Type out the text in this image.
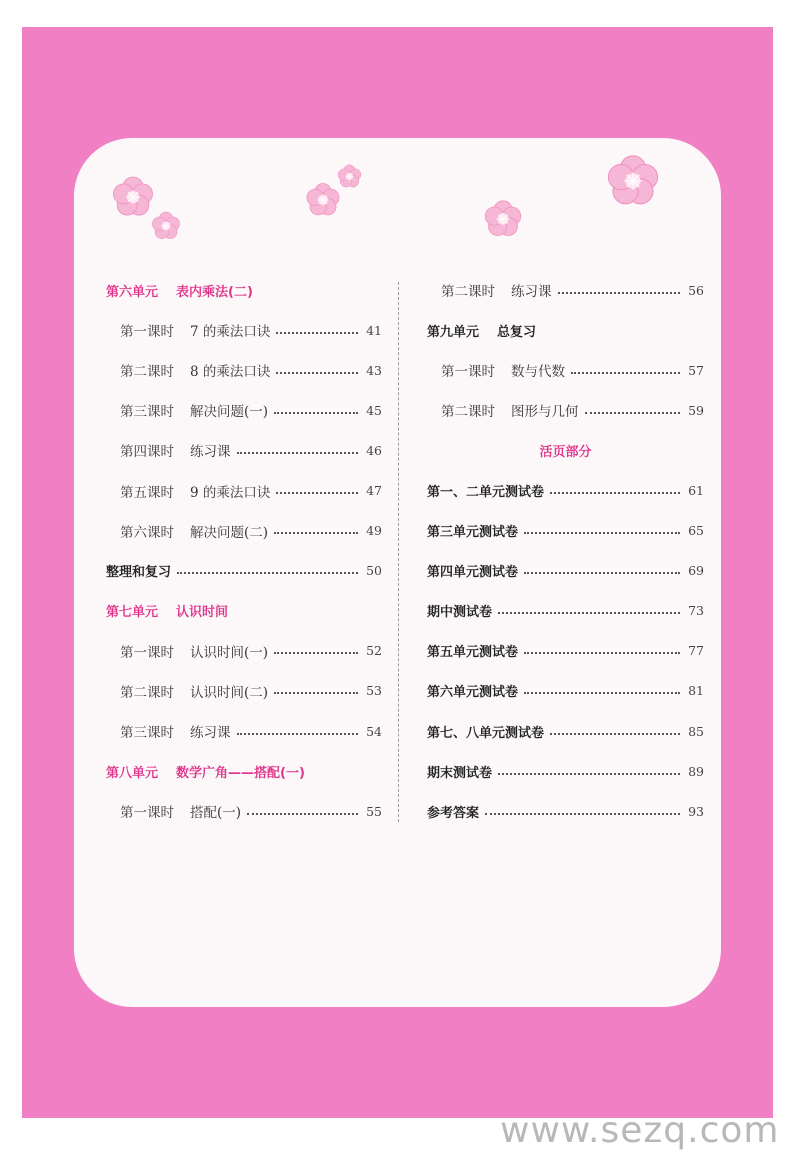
第六单元 表内乘法(二)
第一课时 7 的乘法口诀	41
第二课时 8 的乘法口诀	43
第三课时 解决问题(一)	45
第四课时 练习课	46
第五课时 9 的乘法口诀	47
第六课时 解决问题(二)	49
整理和复习	50
第七单元 认识时间
第一课时 认识时间(一)	52
第二课时 认识时间(二)	53
第三课时 练习课	54
第八单元 数学广角——搭配(一)
第一课时 搭配(一)	55
第二课时 练习课	56
第九单元 总复习
第一课时 数与代数	57
第二课时 图形与几何	59
活页部分
第一、二单元测试卷	61
第三单元测试卷	65
第四单元测试卷	69
期中测试卷	73
第五单元测试卷	77
第六单元测试卷	81
第七、八单元测试卷	85
期末测试卷	89
参考答案	93
www.sezq.com
